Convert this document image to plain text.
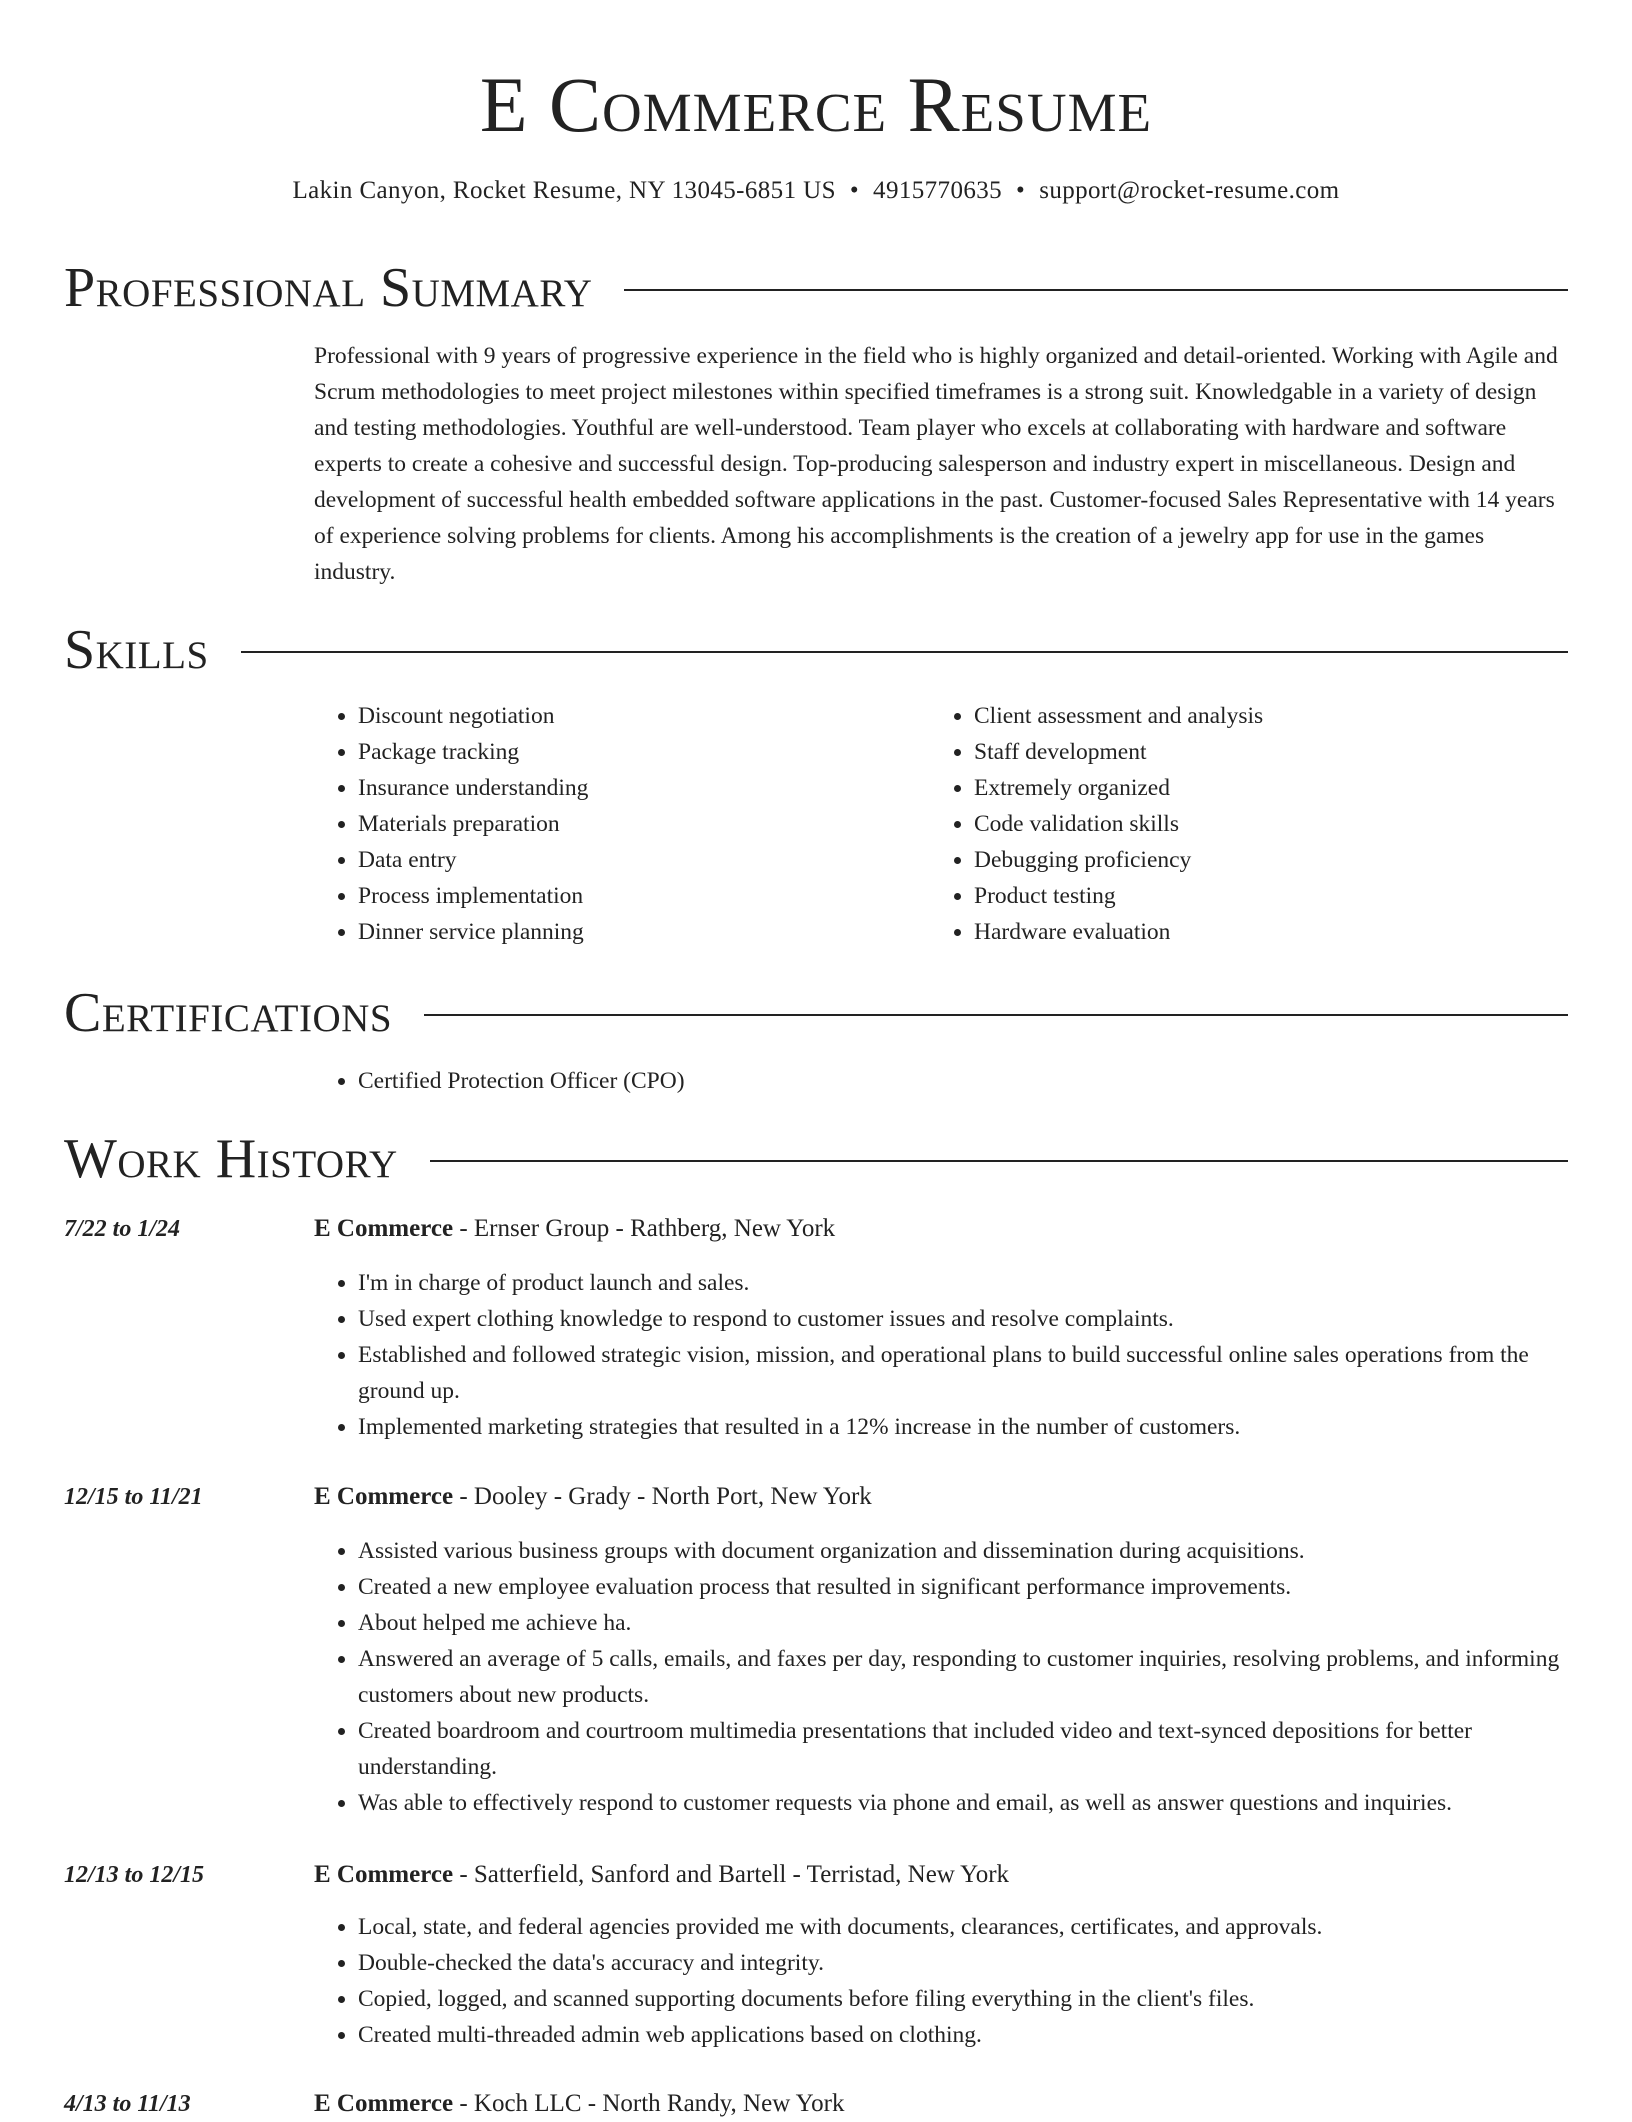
E Commerce Resume
Lakin Canyon, Rocket Resume, NY 13045-6851 US • 4915770635 • support@rocket-resume.com
Professional Summary
Professional with 9 years of progressive experience in the field who is highly organized and detail-oriented. Working with Agile and Scrum methodologies to meet project milestones within specified timeframes is a strong suit. Knowledgable in a variety of design and testing methodologies. Youthful are well-understood. Team player who excels at collaborating with hardware and software experts to create a cohesive and successful design. Top-producing salesperson and industry expert in miscellaneous. Design and development of successful health embedded software applications in the past. Customer-focused Sales Representative with 14 years of experience solving problems for clients. Among his accomplishments is the creation of a jewelry app for use in the games industry.
Skills
• Discount negotiation
• Package tracking
• Insurance understanding
• Materials preparation
• Data entry
• Process implementation
• Dinner service planning
• Client assessment and analysis
• Staff development
• Extremely organized
• Code validation skills
• Debugging proficiency
• Product testing
• Hardware evaluation
Certifications
• Certified Protection Officer (CPO)
Work History
7/22 to 1/24	E Commerce - Ernser Group - Rathberg, New York
• I'm in charge of product launch and sales.
• Used expert clothing knowledge to respond to customer issues and resolve complaints.
• Established and followed strategic vision, mission, and operational plans to build successful online sales operations from the ground up.
• Implemented marketing strategies that resulted in a 12% increase in the number of customers.
12/15 to 11/21	E Commerce - Dooley - Grady - North Port, New York
• Assisted various business groups with document organization and dissemination during acquisitions.
• Created a new employee evaluation process that resulted in significant performance improvements.
• About helped me achieve ha.
• Answered an average of 5 calls, emails, and faxes per day, responding to customer inquiries, resolving problems, and informing customers about new products.
• Created boardroom and courtroom multimedia presentations that included video and text-synced depositions for better understanding.
• Was able to effectively respond to customer requests via phone and email, as well as answer questions and inquiries.
12/13 to 12/15	E Commerce - Satterfield, Sanford and Bartell - Terristad, New York
• Local, state, and federal agencies provided me with documents, clearances, certificates, and approvals.
• Double-checked the data's accuracy and integrity.
• Copied, logged, and scanned supporting documents before filing everything in the client's files.
• Created multi-threaded admin web applications based on clothing.
4/13 to 11/13	E Commerce - Koch LLC - North Randy, New York
